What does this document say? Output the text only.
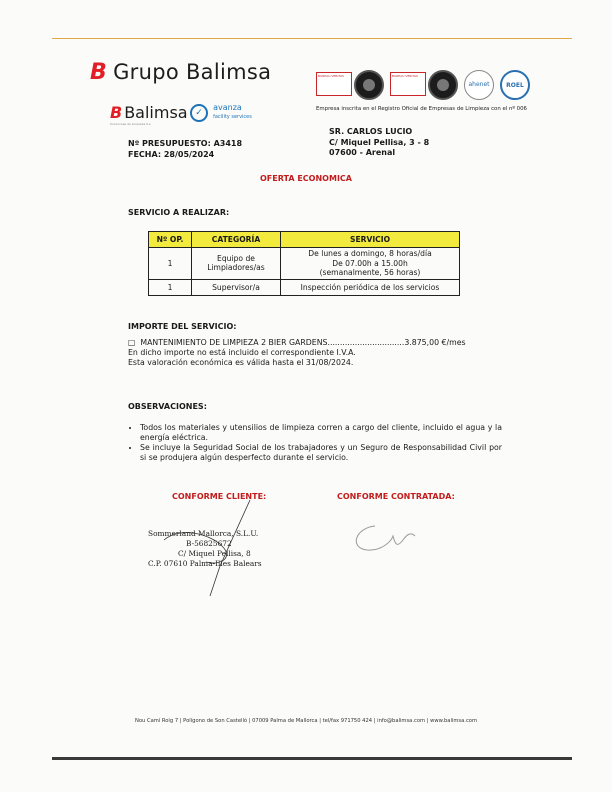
B Grupo Balimsa
B Balimsa
Soluciones de Limpieza S.L.
✓ avanza
facility services
BUREAU VERITAS	BUREAU VERITAS
ahenet	ROEL
Empresa inscrita en el Registro Oficial de Empresas de Limpieza con el nº 006
SR. CARLOS LUCIO
C/ Miquel Pellisa, 3 - 8
07600 - Arenal
Nº PRESUPUESTO: A3418
FECHA: 28/05/2024
OFERTA ECONOMICA
SERVICIO A REALIZAR:
Nº OP.	CATEGORÍA	SERVICIO
1	Equipo de
Limpiadores/as	De lunes a domingo, 8 horas/día
De 07.00h a 15.00h
(semanalmente, 56 horas)
1	Supervisor/a	Inspección periódica de los servicios
IMPORTE DEL SERVICIO:
□ MANTENIMIENTO DE LIMPIEZA 2 BIER GARDENS...............................3.875,00 €/mes
En dicho importe no está incluido el correspondiente I.V.A.
Esta valoración económica es válida hasta el 31/08/2024.
OBSERVACIONES:
• Todos los materiales y utensilios de limpieza corren a cargo del cliente, incluido el agua y la energía eléctrica.
• Se incluye la Seguridad Social de los trabajadores y un Seguro de Responsabilidad Civil por si se produjera algún desperfecto durante el servicio.
CONFORME CLIENTE:	CONFORME CONTRATADA:
Sommerland Mallorca, S.L.U.
B-56825672
C/ Miquel Pellisa, 8
C.P. 07610 Palma-Illes Balears
Nou Camí Roig 7 | Polígono de Son Castelló | 07009 Palma de Mallorca | tel/fax 971750 424 | info@balimsa.com | www.balimsa.com
